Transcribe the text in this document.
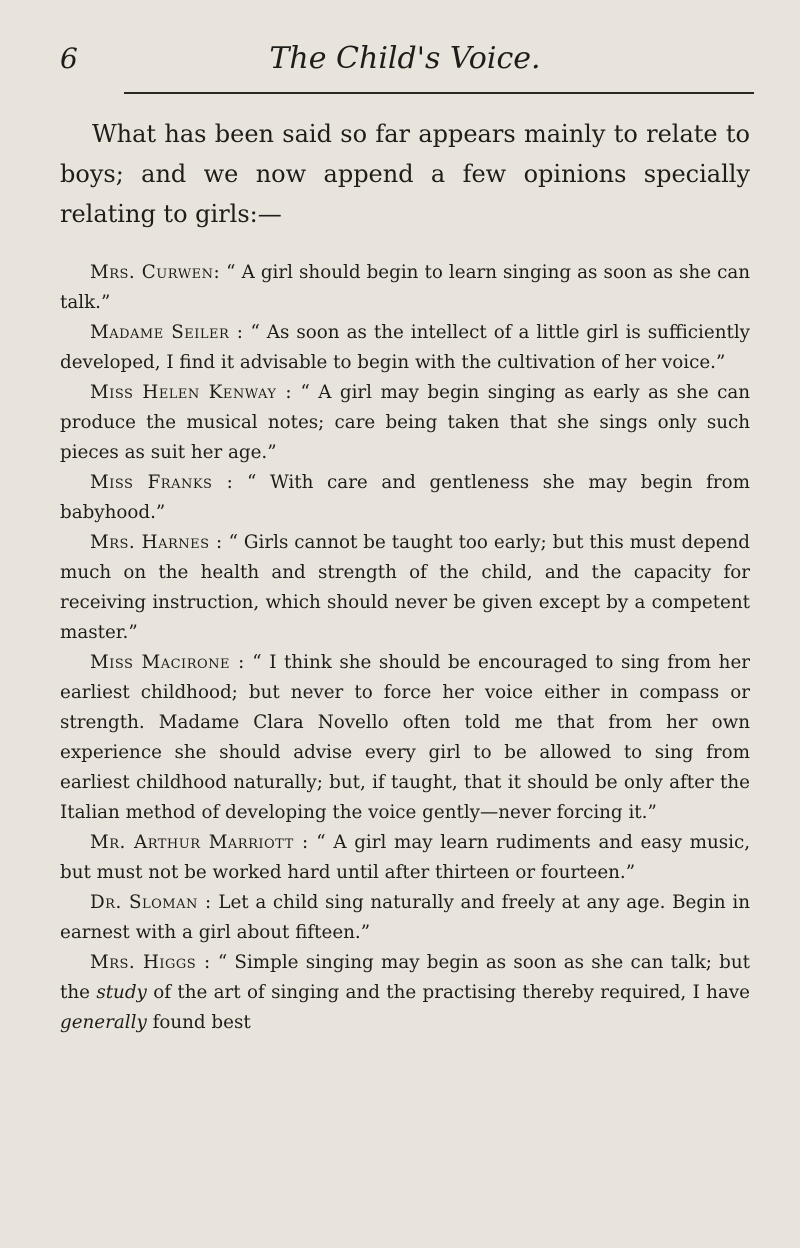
6	The Child's Voice.

What has been said so far appears mainly to relate to boys; and we now append a few opinions specially relating to girls:—

Mrs. Curwen: “ A girl should begin to learn singing as soon as she can talk.”

Madame Seiler : “ As soon as the intellect of a little girl is sufficiently developed, I find it advisable to begin with the cultivation of her voice.”

Miss Helen Kenway : “ A girl may begin singing as early as she can produce the musical notes; care being taken that she sings only such pieces as suit her age.”

Miss Franks : “ With care and gentleness she may begin from babyhood.”

Mrs. Harnes : “ Girls cannot be taught too early; but this must depend much on the health and strength of the child, and the capacity for receiving instruction, which should never be given except by a competent master.”

Miss Macirone : “ I think she should be encouraged to sing from her earliest childhood; but never to force her voice either in compass or strength. Madame Clara Novello often told me that from her own experience she should advise every girl to be allowed to sing from earliest childhood naturally; but, if taught, that it should be only after the Italian method of developing the voice gently—never forcing it.”

Mr. Arthur Marriott : “ A girl may learn rudiments and easy music, but must not be worked hard until after thirteen or fourteen.”

Dr. Sloman : Let a child sing naturally and freely at any age. Begin in earnest with a girl about fifteen.”

Mrs. Higgs : “ Simple singing may begin as soon as she can talk; but the study of the art of singing and the practising thereby required, I have generally found best
